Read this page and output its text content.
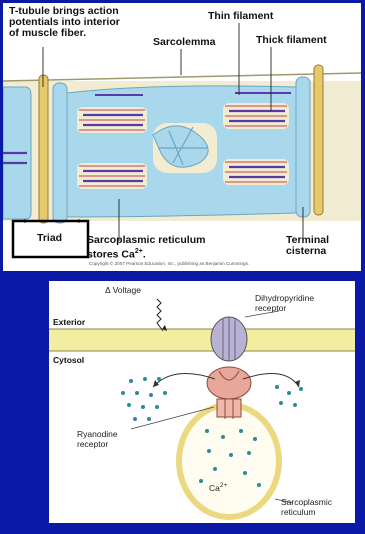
T-tubule brings action
potentials into interior
of muscle fiber.
Thin filament
Sarcolemma	Thick filament
Triad Sarcoplasmic reticulum
stores $Ca^{2+}$.
Terminal
cisterna
Copyright © 2007 Pearson Education, Inc., publishing as Benjamin Cummings.
Δ Voltage
Dihydropyridine
receptor
Exterior
Cytosol
Ryanodine
receptor
$Ca^{2+}$
Sarcoplasmic
reticulum
